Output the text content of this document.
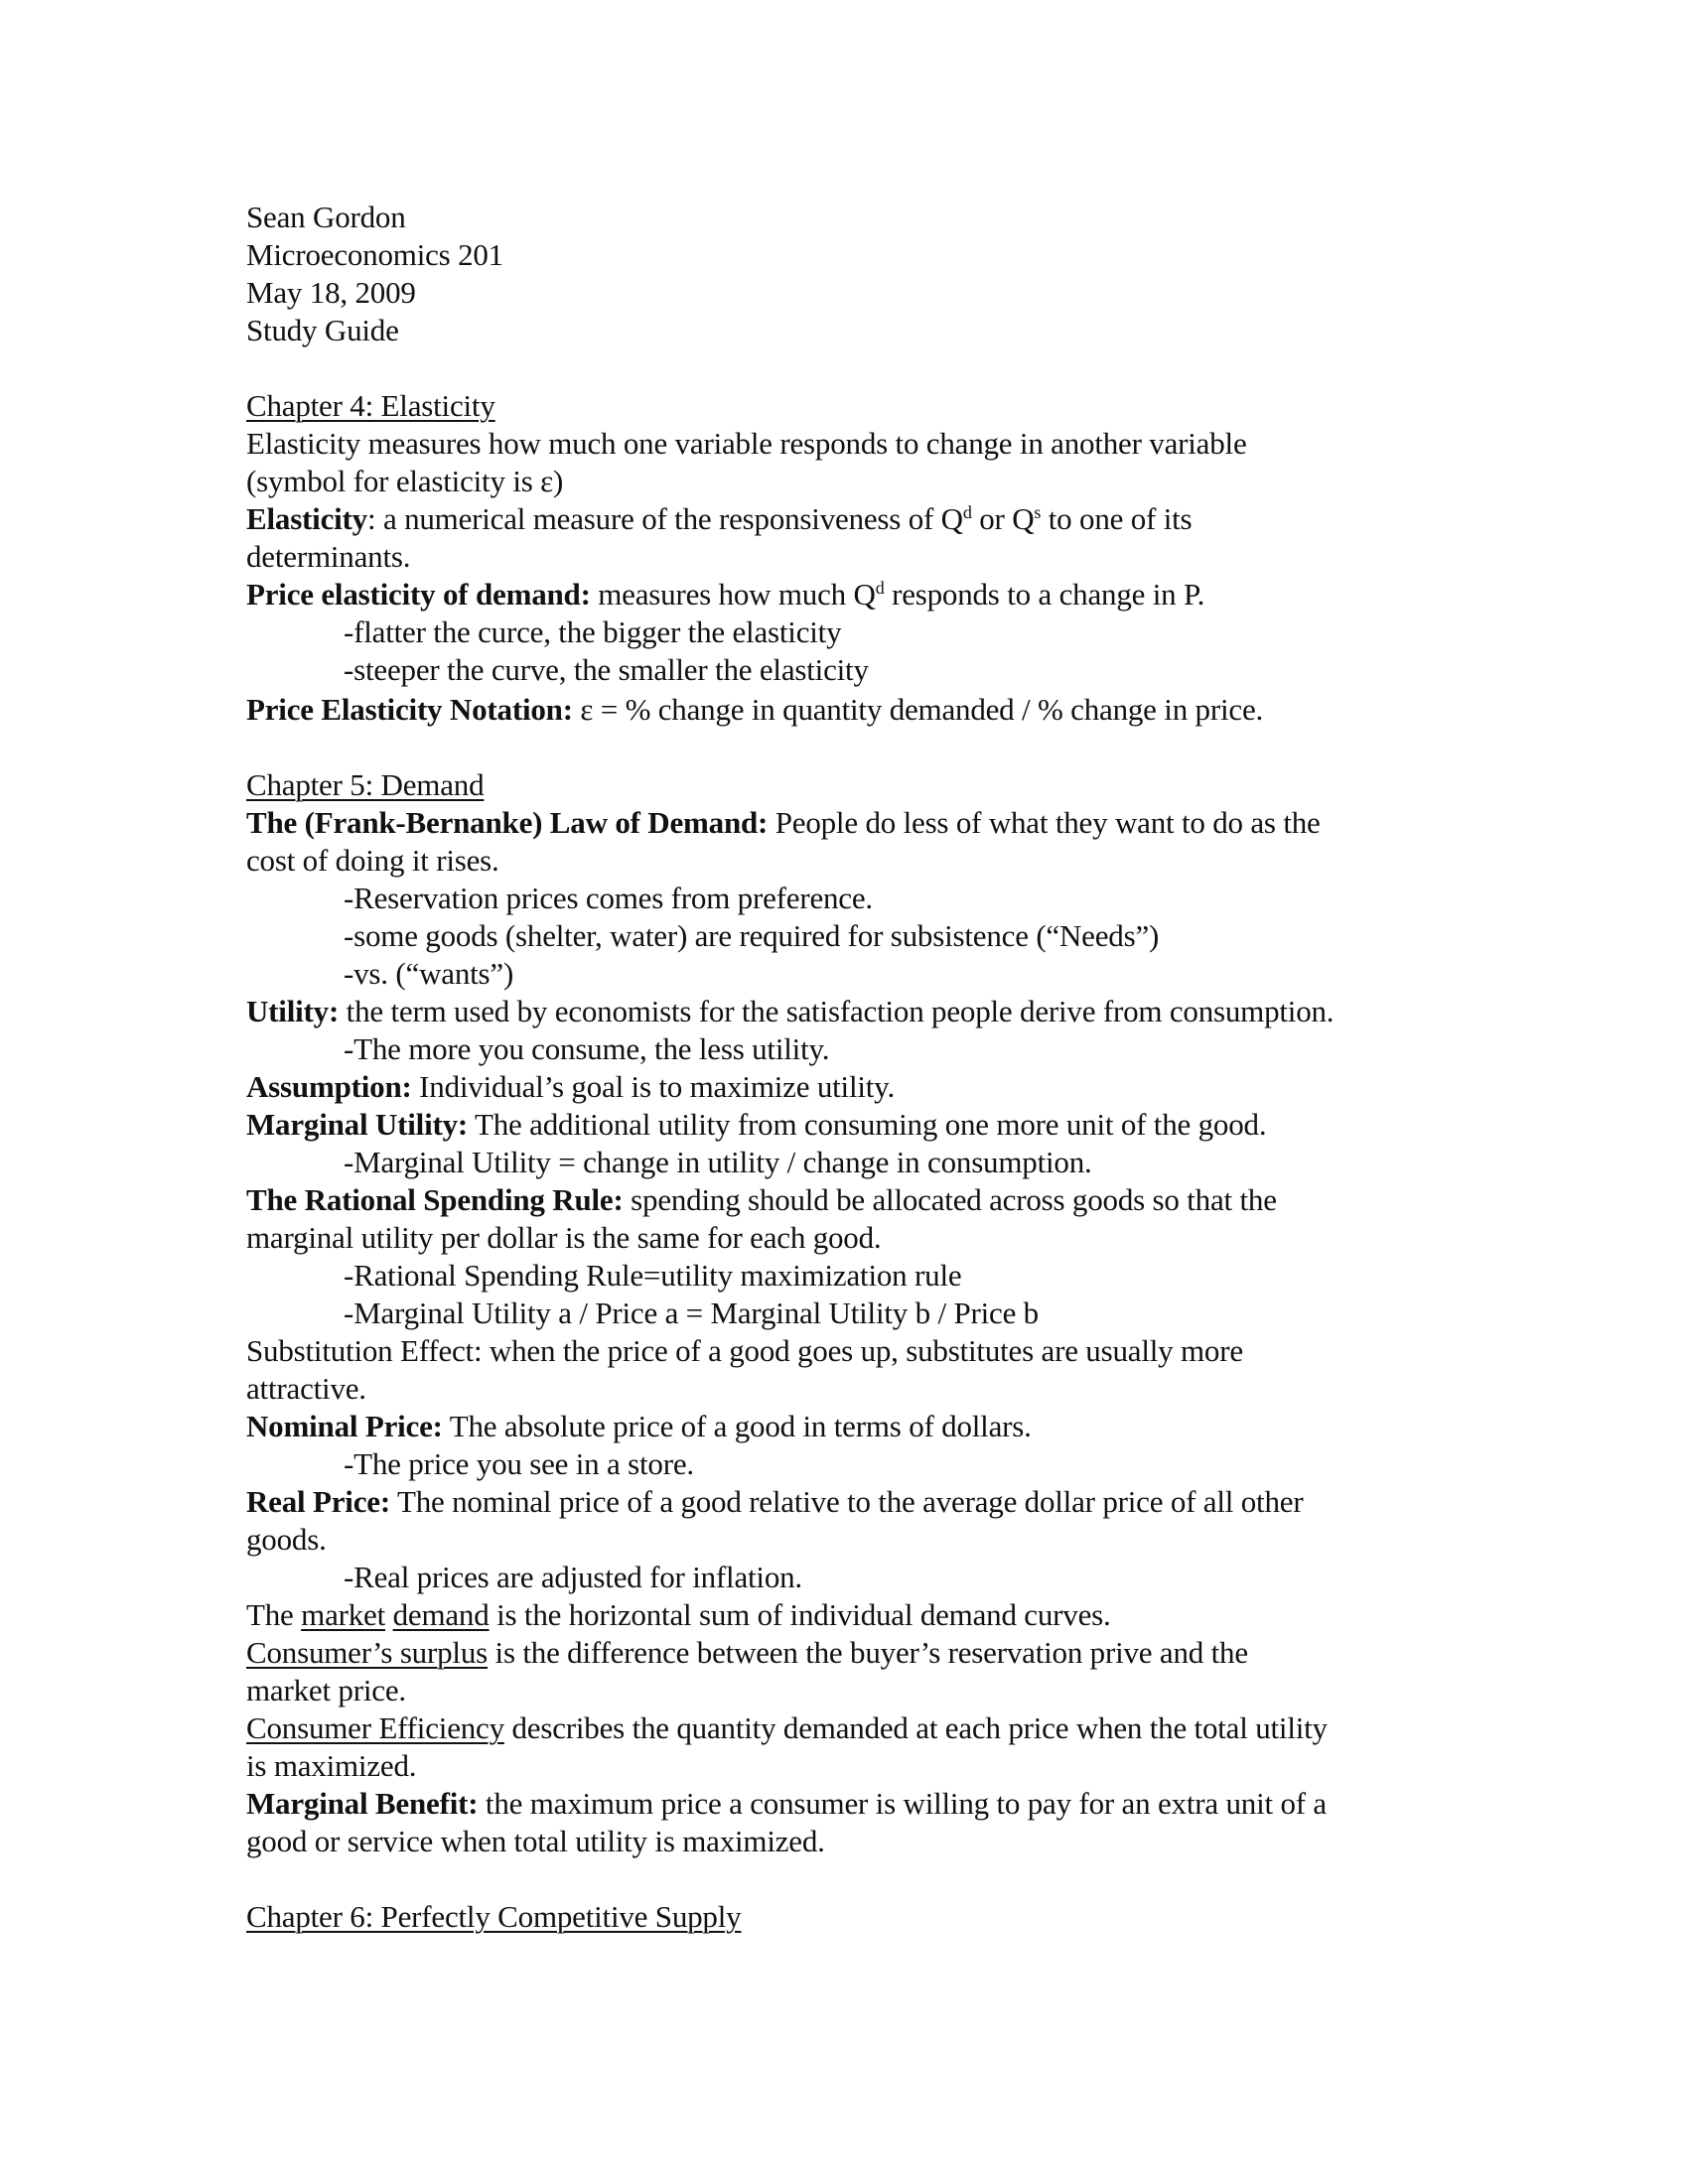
Sean Gordon
Microeconomics 201
May 18, 2009
Study Guide
Chapter 4: Elasticity
Elasticity measures how much one variable responds to change in another variable
(symbol for elasticity is ε)
Elasticity: a numerical measure of the responsiveness of $Q^d$ or $Q^s$ to one of its
determinants.
Price elasticity of demand: measures how much $Q^d$ responds to a change in P.
-flatter the curce, the bigger the elasticity
-steeper the curve, the smaller the elasticity
Price Elasticity Notation: ε = % change in quantity demanded / % change in price.
Chapter 5: Demand
The (Frank-Bernanke) Law of Demand: People do less of what they want to do as the
cost of doing it rises.
-Reservation prices comes from preference.
-some goods (shelter, water) are required for subsistence (“Needs”)
-vs. (“wants”)
Utility: the term used by economists for the satisfaction people derive from consumption.
-The more you consume, the less utility.
Assumption: Individual’s goal is to maximize utility.
Marginal Utility: The additional utility from consuming one more unit of the good.
-Marginal Utility = change in utility / change in consumption.
The Rational Spending Rule: spending should be allocated across goods so that the
marginal utility per dollar is the same for each good.
-Rational Spending Rule=utility maximization rule
-Marginal Utility a / Price a = Marginal Utility b / Price b
Substitution Effect: when the price of a good goes up, substitutes are usually more
attractive.
Nominal Price: The absolute price of a good in terms of dollars.
-The price you see in a store.
Real Price: The nominal price of a good relative to the average dollar price of all other
goods.
-Real prices are adjusted for inflation.
The market demand is the horizontal sum of individual demand curves.
Consumer’s surplus is the difference between the buyer’s reservation prive and the
market price.
Consumer Efficiency describes the quantity demanded at each price when the total utility
is maximized.
Marginal Benefit: the maximum price a consumer is willing to pay for an extra unit of a
good or service when total utility is maximized.
Chapter 6: Perfectly Competitive Supply
